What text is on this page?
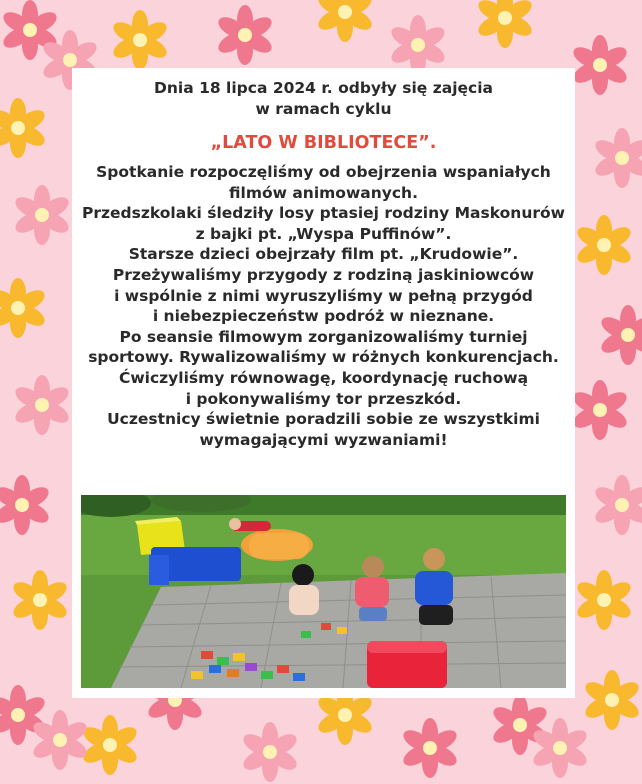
Dnia 18 lipca 2024 r. odbyły się zajęcia
w ramach cyklu

„LATO W BIBLIOTECE”.

Spotkanie rozpoczęliśmy od obejrzenia wspaniałych
filmów animowanych.
Przedszkolaki śledziły losy ptasiej rodziny Maskonurów
z bajki pt. „Wyspa Puffinów”.
Starsze dzieci obejrzały film pt. „Krudowie”.
Przeżywaliśmy przygody z rodziną jaskiniowców
i wspólnie z nimi wyruszyliśmy w pełną przygód
i niebezpieczeństw podróż w nieznane.
Po seansie filmowym zorganizowaliśmy turniej
sportowy. Rywalizowaliśmy w różnych konkurencjach.
Ćwiczyliśmy równowagę, koordynację ruchową
i pokonywaliśmy tor przeszkód.
Uczestnicy świetnie poradzili sobie ze wszystkimi
wymagającymi wyzwaniami!
